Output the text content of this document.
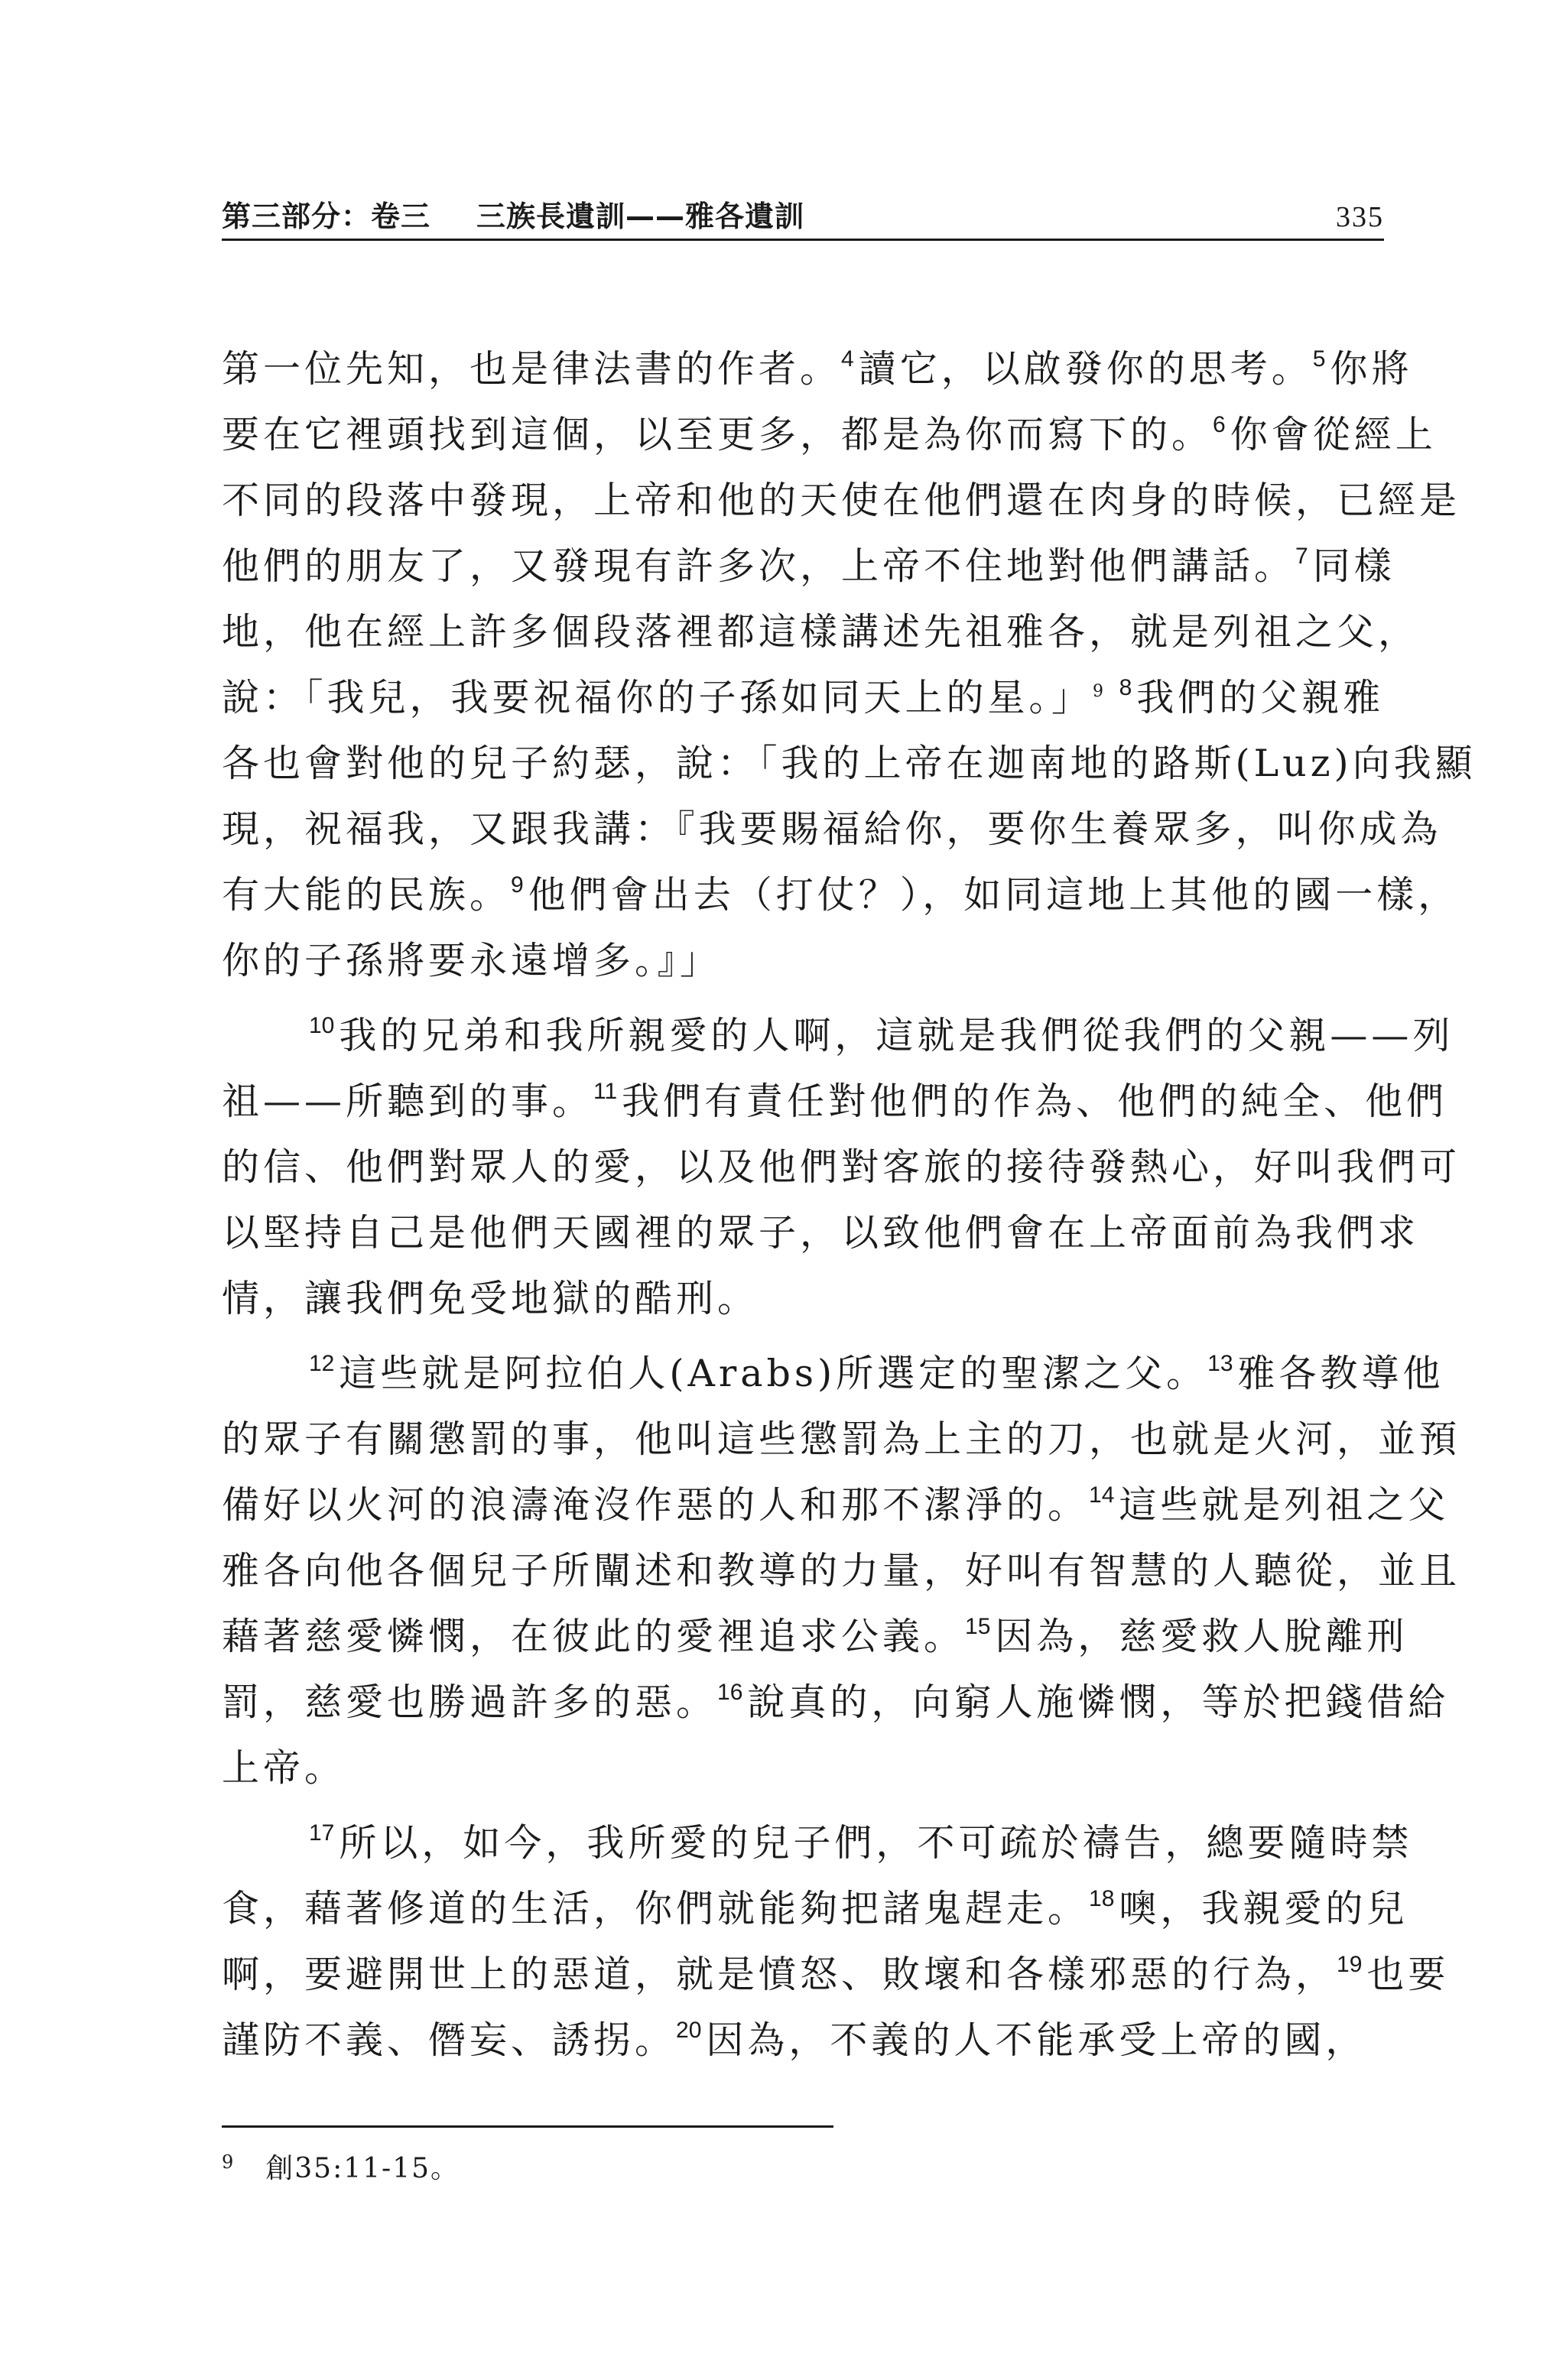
第三部分：卷三 三族長遺訓——雅各遺訓	335
第一位先知，也是律法書的作者。$^4$ 讀它，以啟發你的思考。$^5$ 你將
要在它裡頭找到這個，以至更多，都是為你而寫下的。$^6$ 你會從經上
不同的段落中發現，上帝和他的天使在他們還在肉身的時候，已經是
他們的朋友了，又發現有許多次，上帝不住地對他們講話。$^7$ 同樣
地，他在經上許多個段落裡都這樣講述先祖雅各，就是列祖之父，
說：「我兒，我要祝福你的子孫如同天上的星。」$^9$ $^8$ 我們的父親雅
各也會對他的兒子約瑟，說：「我的上帝在迦南地的路斯(Luz)向我顯
現，祝福我，又跟我講：『我要賜福給你，要你生養眾多，叫你成為
有大能的民族。$^9$ 他們會出去（打仗？），如同這地上其他的國一樣，
你的子孫將要永遠增多。』」
$^{10}$ 我的兄弟和我所親愛的人啊，這就是我們從我們的父親——列
祖——所聽到的事。$^{11}$ 我們有責任對他們的作為、他們的純全、他們
的信、他們對眾人的愛，以及他們對客旅的接待發熱心，好叫我們可
以堅持自己是他們天國裡的眾子，以致他們會在上帝面前為我們求
情，讓我們免受地獄的酷刑。
$^{12}$ 這些就是阿拉伯人(Arabs)所選定的聖潔之父。$^{13}$ 雅各教導他
的眾子有關懲罰的事，他叫這些懲罰為上主的刀，也就是火河，並預
備好以火河的浪濤淹沒作惡的人和那不潔淨的。$^{14}$ 這些就是列祖之父
雅各向他各個兒子所闡述和教導的力量，好叫有智慧的人聽從，並且
藉著慈愛憐憫，在彼此的愛裡追求公義。$^{15}$ 因為，慈愛救人脫離刑
罰，慈愛也勝過許多的惡。$^{16}$ 說真的，向窮人施憐憫，等於把錢借給
上帝。
$^{17}$ 所以，如今，我所愛的兒子們，不可疏於禱告，總要隨時禁
食，藉著修道的生活，你們就能夠把諸鬼趕走。$^{18}$ 噢，我親愛的兒
啊，要避開世上的惡道，就是憤怒、敗壞和各樣邪惡的行為，$^{19}$ 也要
謹防不義、僭妄、誘拐。$^{20}$ 因為，不義的人不能承受上帝的國，
$^9$ 創35:11-15。
